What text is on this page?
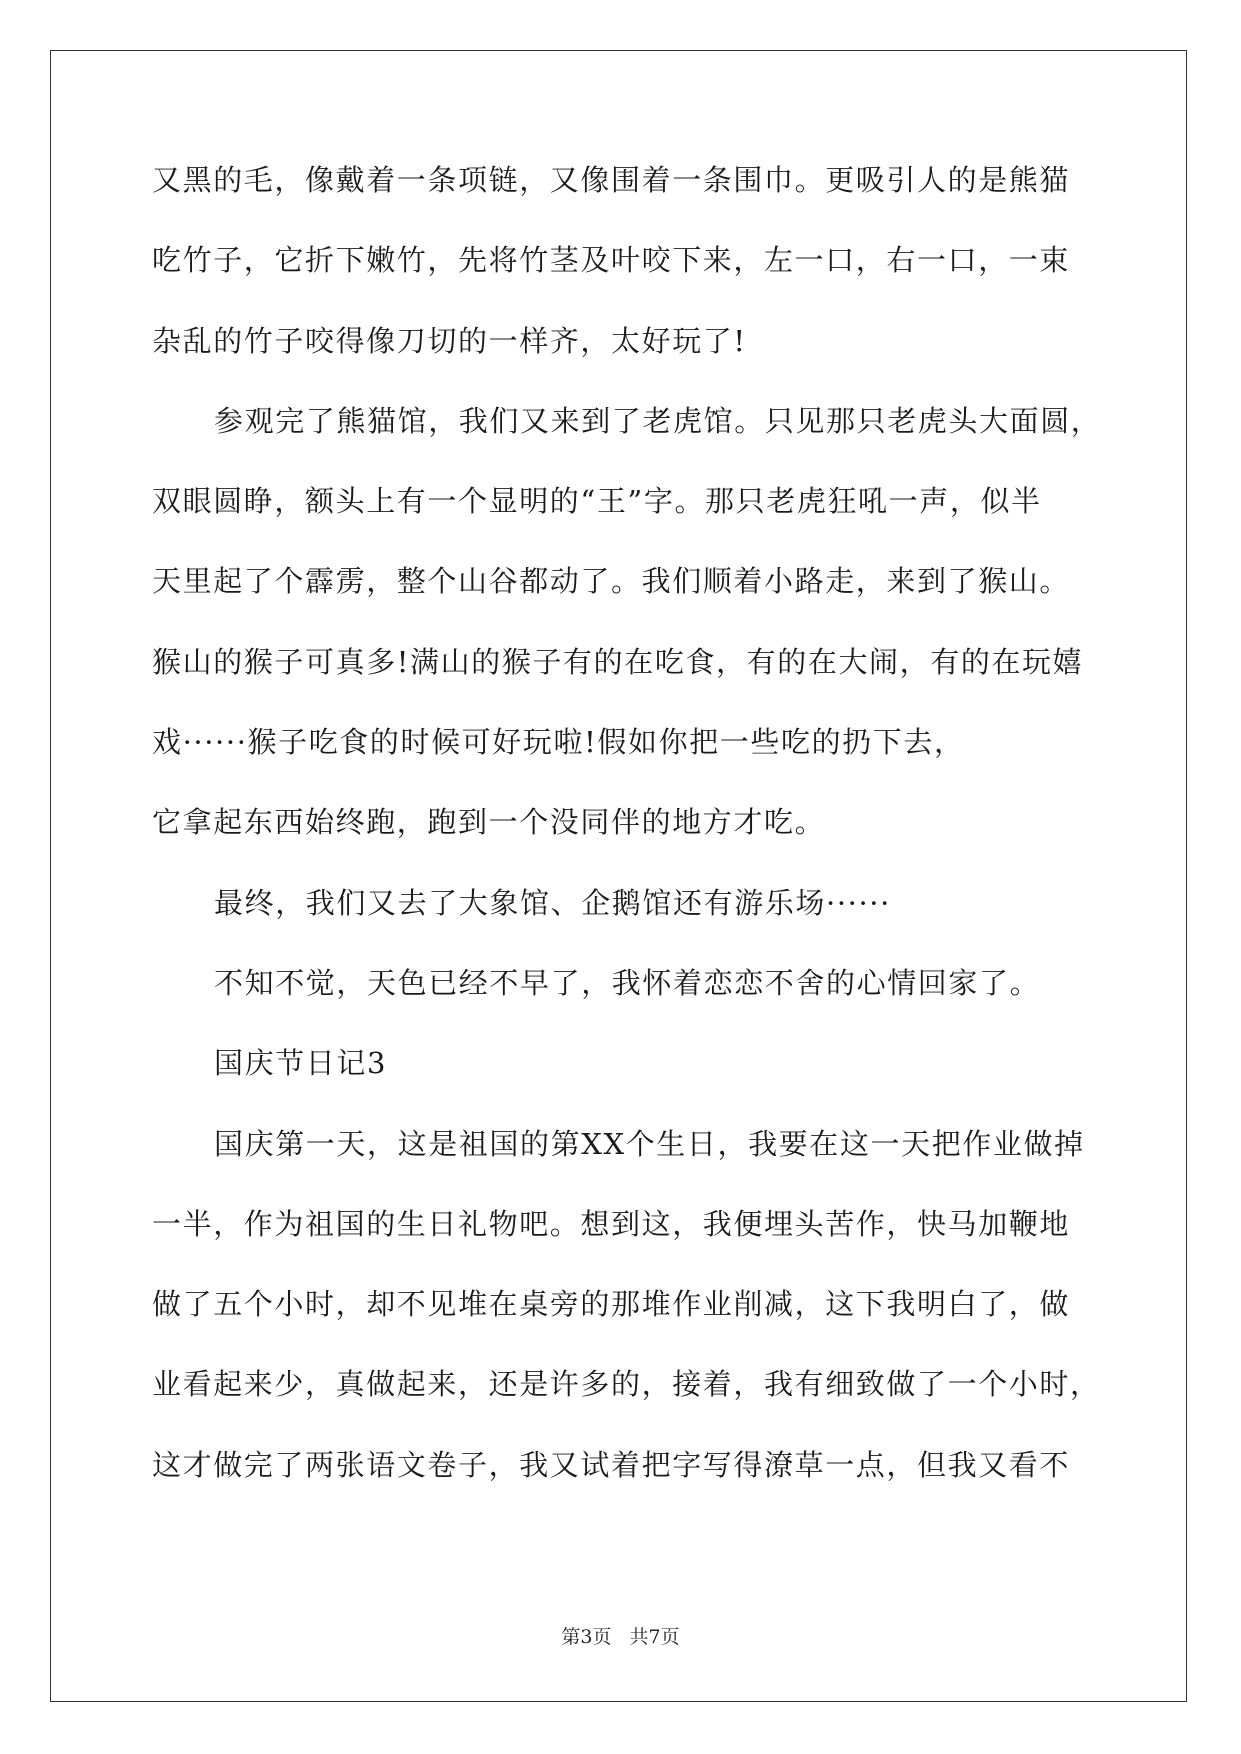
又黑的毛，像戴着一条项链，又像围着一条围巾。更吸引人的是熊猫
吃竹子，它折下嫩竹，先将竹茎及叶咬下来，左一口，右一口，一束
杂乱的竹子咬得像刀切的一样齐，太好玩了!
参观完了熊猫馆，我们又来到了老虎馆。只见那只老虎头大面圆，
双眼圆睁，额头上有一个显明的“王”字。那只老虎狂吼一声，似半
天里起了个霹雳，整个山谷都动了。我们顺着小路走，来到了猴山。
猴山的猴子可真多!满山的猴子有的在吃食，有的在大闹，有的在玩嬉
戏······猴子吃食的时候可好玩啦!假如你把一些吃的扔下去，
它拿起东西始终跑，跑到一个没同伴的地方才吃。
最终，我们又去了大象馆、企鹅馆还有游乐场······
不知不觉，天色已经不早了，我怀着恋恋不舍的心情回家了。
国庆节日记3
国庆第一天，这是祖国的第XX个生日，我要在这一天把作业做掉
一半，作为祖国的生日礼物吧。想到这，我便埋头苦作，快马加鞭地
做了五个小时，却不见堆在桌旁的那堆作业削减，这下我明白了，做
业看起来少，真做起来，还是许多的，接着，我有细致做了一个小时，
这才做完了两张语文卷子，我又试着把字写得潦草一点，但我又看不
第3页 共7页
